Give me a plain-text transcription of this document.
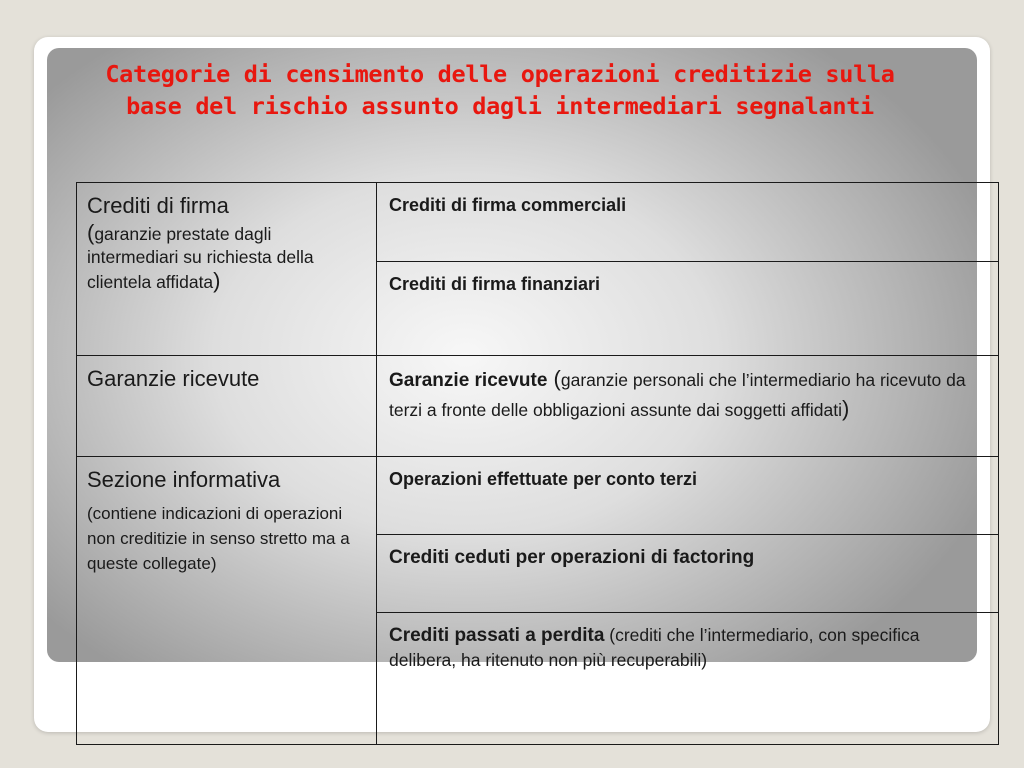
Categorie di censimento delle operazioni creditizie sulla
base del rischio assunto dagli intermediari segnalanti
Crediti di firma
(garanzie prestate dagli intermediari su richiesta della clientela affidata)	Crediti di firma commerciali
	Crediti di firma finanziari
Garanzie ricevute	Garanzie ricevute (garanzie personali che l’intermediario ha ricevuto da terzi a fronte delle obbligazioni assunte dai soggetti affidati)
Sezione informativa
(contiene indicazioni di operazioni non creditizie in senso stretto ma a queste collegate)	Operazioni effettuate per conto terzi
	Crediti ceduti per operazioni di factoring
	Crediti passati a perdita (crediti che l’intermediario, con specifica delibera, ha ritenuto non più recuperabili)
